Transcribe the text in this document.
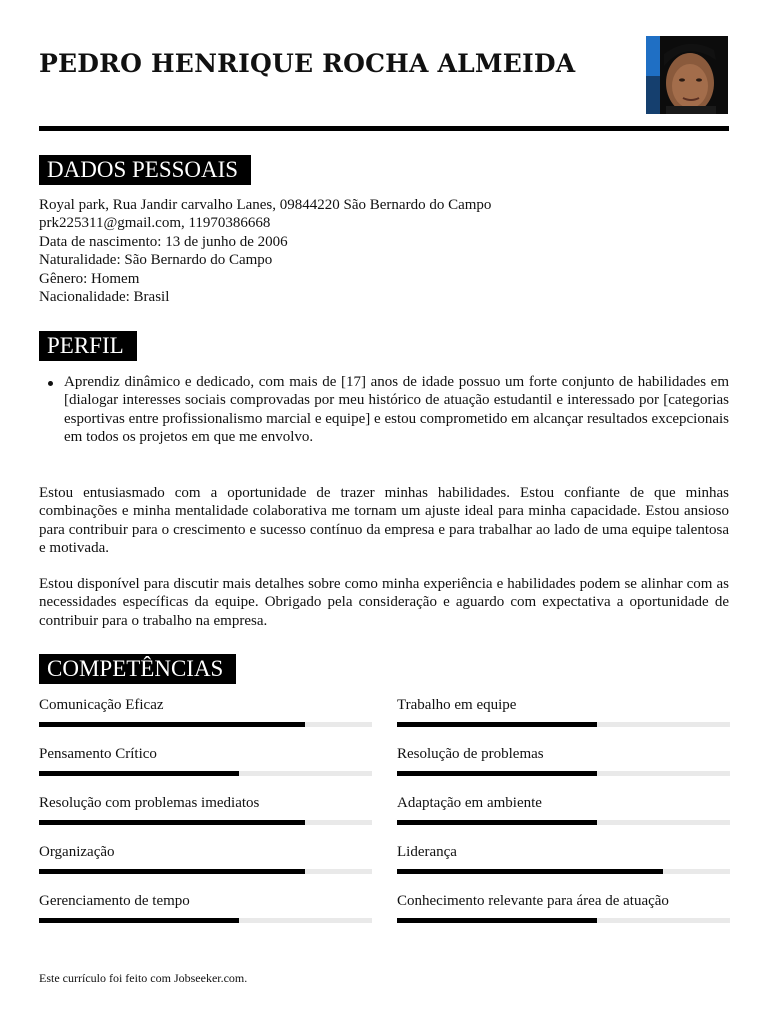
PEDRO HENRIQUE ROCHA ALMEIDA
DADOS PESSOAIS
Royal park, Rua Jandir carvalho Lanes, 09844220 São Bernardo do Campo
prk225311@gmail.com, 11970386668
Data de nascimento: 13 de junho de 2006
Naturalidade: São Bernardo do Campo
Gênero: Homem
Nacionalidade: Brasil
PERFIL
Aprendiz dinâmico e dedicado, com mais de [17] anos de idade possuo um forte conjunto de habilidades em [dialogar interesses sociais comprovadas por meu histórico de atuação estudantil e interessado por [categorias esportivas entre profissionalismo marcial e equipe] e estou comprometido em alcançar resultados excepcionais em todos os projetos em que me envolvo.

Estou entusiasmado com a oportunidade de trazer minhas habilidades. Estou confiante de que minhas combinações e minha mentalidade colaborativa me tornam um ajuste ideal para minha capacidade. Estou ansioso para contribuir para o crescimento e sucesso contínuo da empresa e para trabalhar ao lado de uma equipe talentosa e motivada.

Estou disponível para discutir mais detalhes sobre como minha experiência e habilidades podem se alinhar com as necessidades específicas da equipe. Obrigado pela consideração e aguardo com expectativa a oportunidade de contribuir para o trabalho na empresa.

COMPETÊNCIAS
Comunicação Eficaz	Trabalho em equipe
Pensamento Crítico	Resolução de problemas
Resolução com problemas imediatos	Adaptação em ambiente
Organização	Liderança
Gerenciamento de tempo	Conhecimento relevante para área de atuação
Este currículo foi feito com Jobseeker.com.
